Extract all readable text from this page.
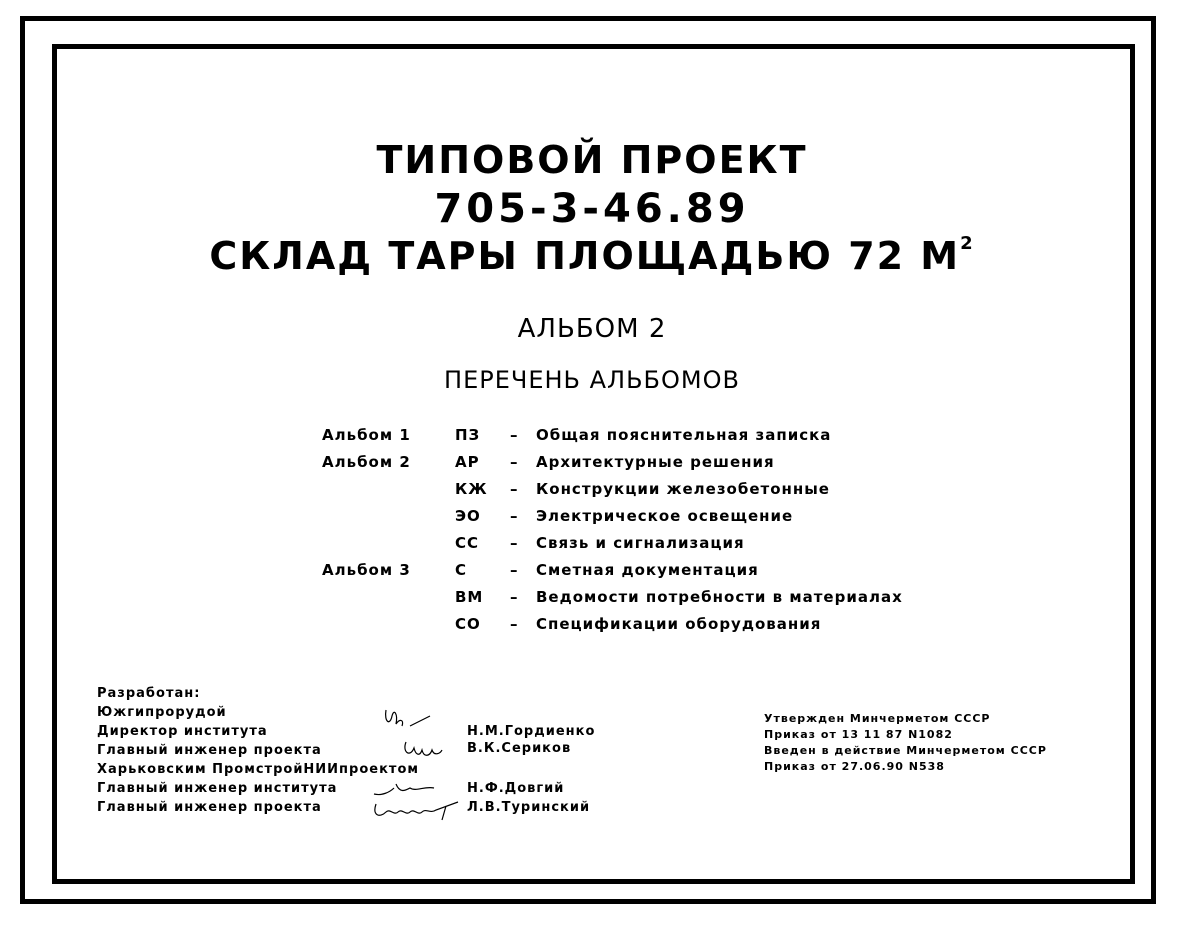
ТИПОВОЙ ПРОЕКТ
705-3-46.89
СКЛАД ТАРЫ ПЛОЩАДЬЮ 72 $М^2$
АЛЬБОМ 2
ПЕРЕЧЕНЬ АЛЬБОМОВ
Альбом 1	ПЗ – Общая пояснительная записка
Альбом 2	АР – Архитектурные решения
КЖ – Конструкции железобетонные
ЭО – Электрическое освещение
СС – Связь и сигнализация
Альбом 3	С	– Сметная документация
ВМ – Ведомости потребности в материалах
СО – Спецификации оборудования
Разработан:
Южгипрорудой
Директор института	Н.М.Гордиенко
Главный инженер проекта	В.К.Сериков
Харьковским ПромстройНИИпроектом
Главный инженер института	Н.Ф.Довгий
Главный инженер проекта	Л.В.Туринский
Утвержден Минчерметом СССР
Приказ от 13 11 87 N1082
Введен в действие Минчерметом СССР
Приказ от 27.06.90 N538
